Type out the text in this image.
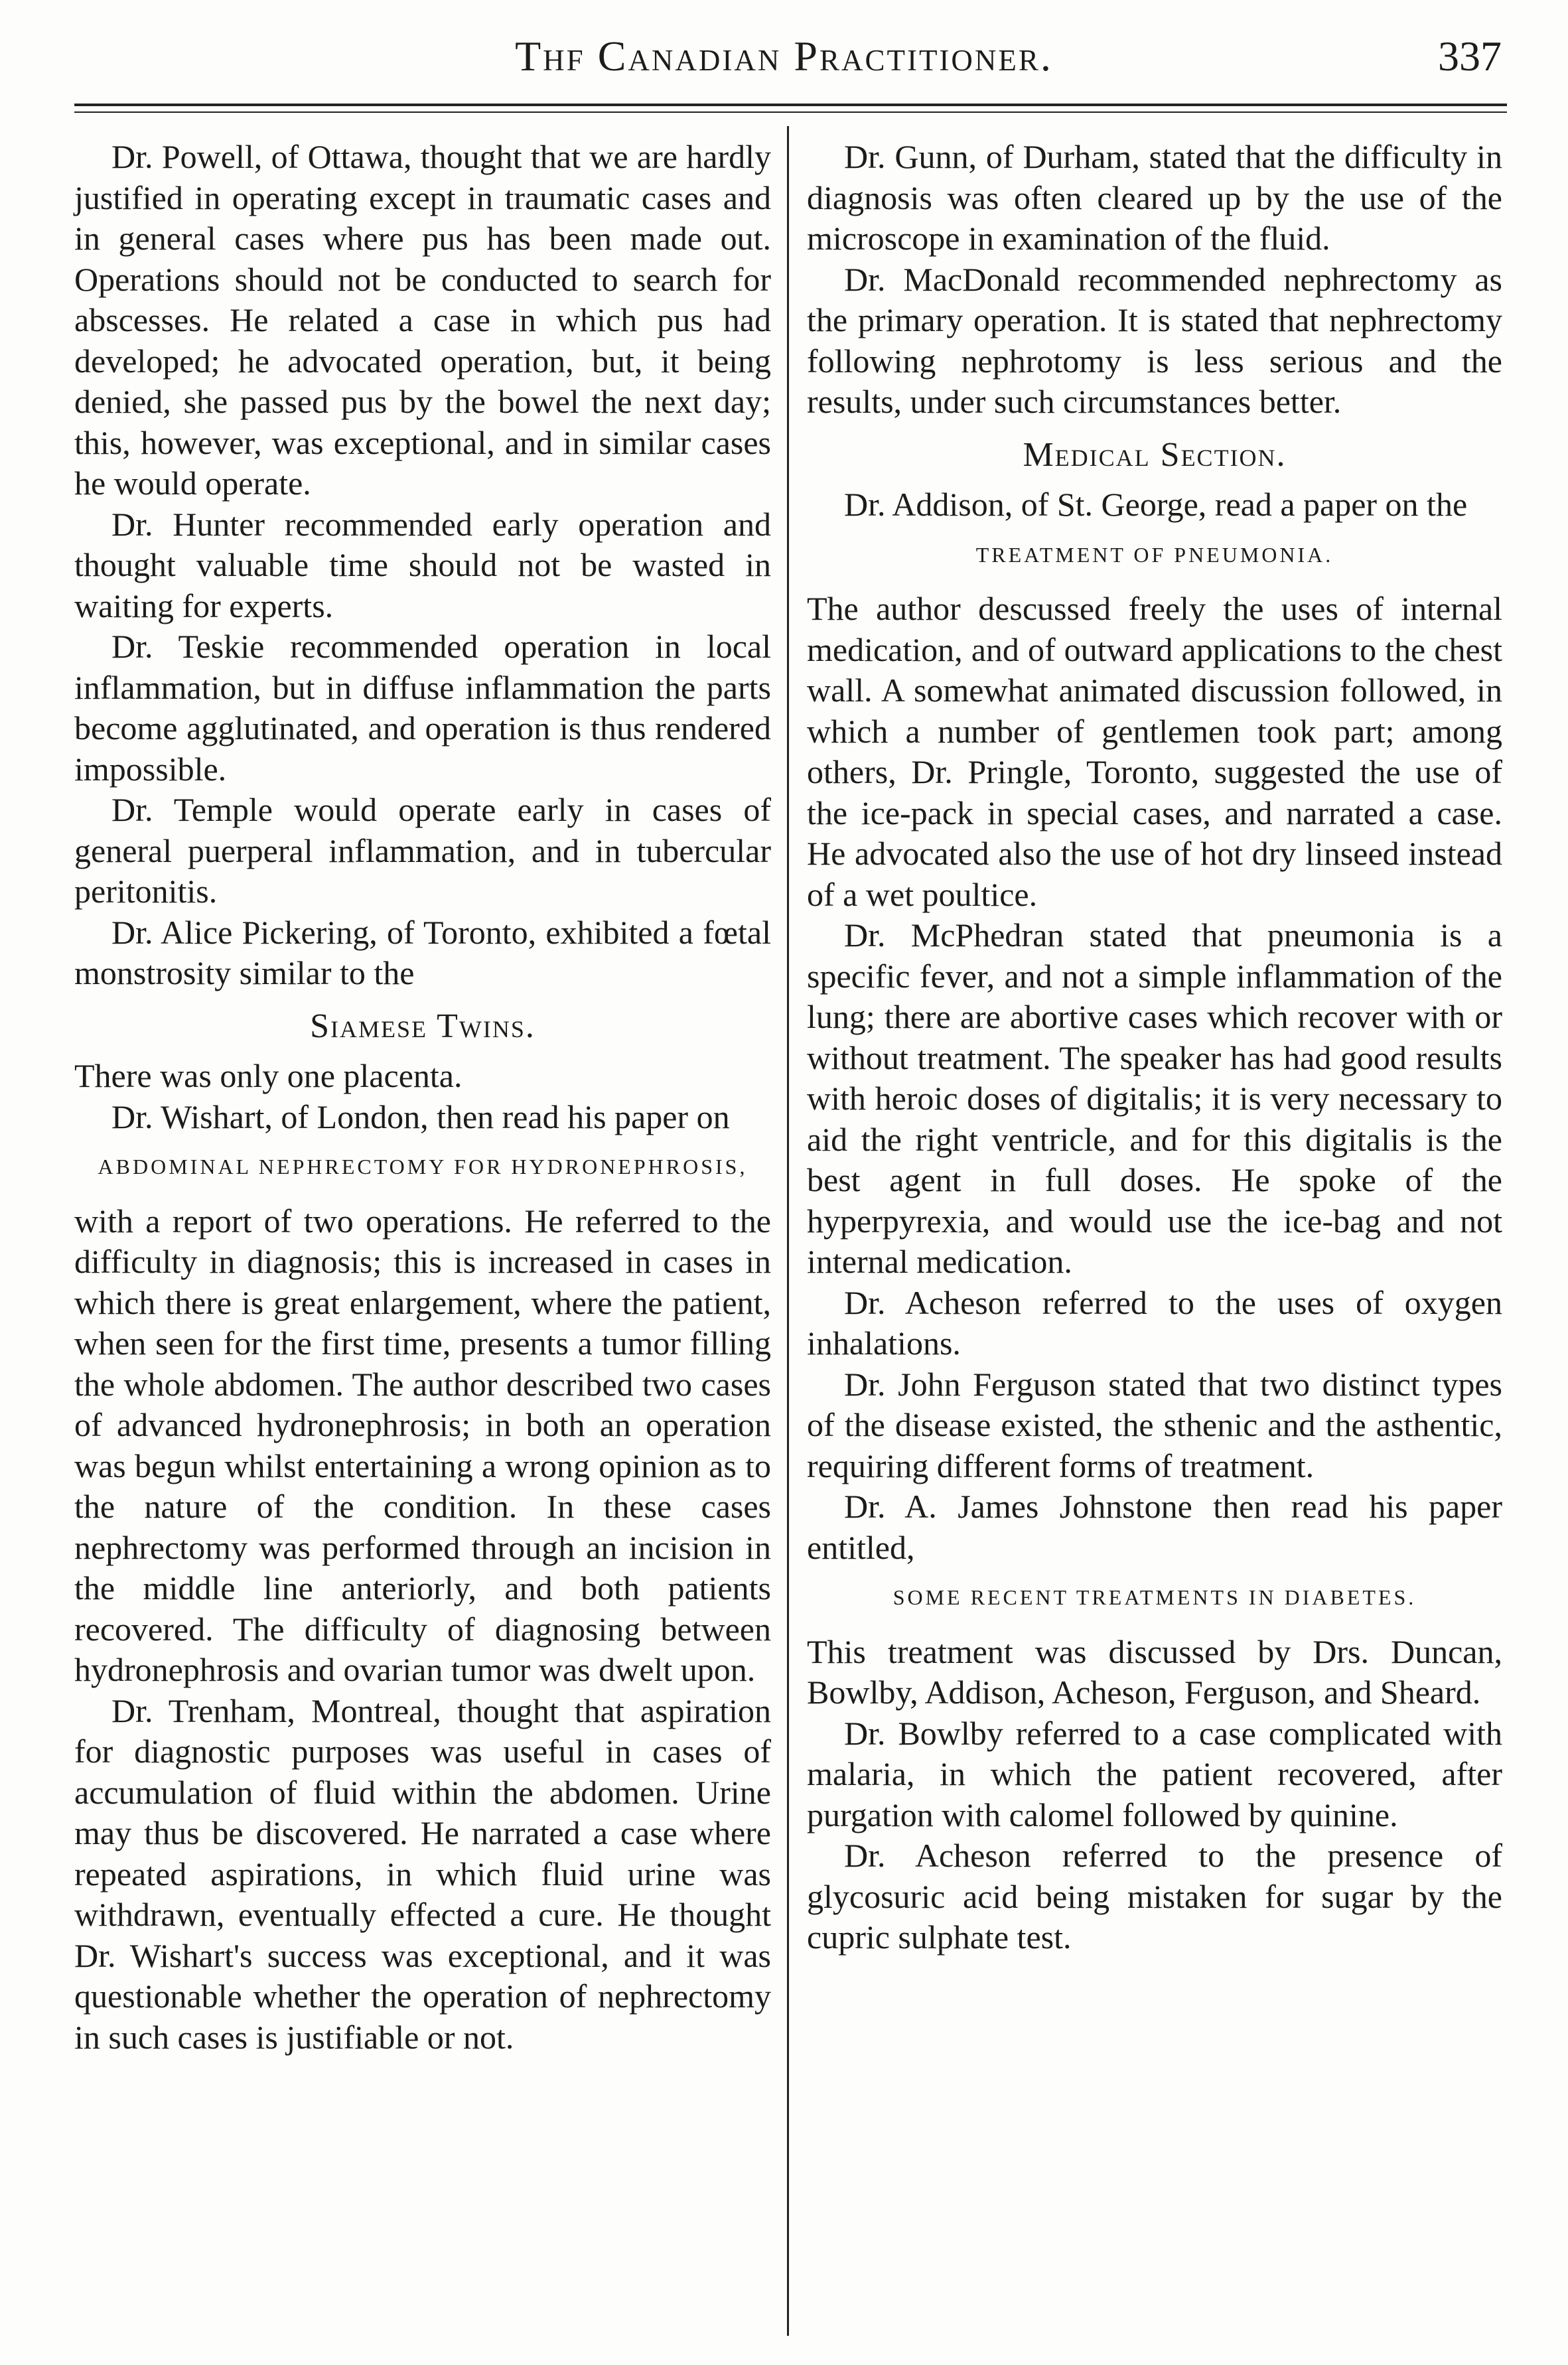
Thf Canadian Practitioner.	337

Dr. Powell, of Ottawa, thought that we are hardly justified in operating except in traumatic cases and in general cases where pus has been made out. Operations should not be conducted to search for abscesses. He related a case in which pus had developed; he advocated operation, but, it being denied, she passed pus by the bowel the next day; this, however, was exceptional, and in similar cases he would operate.

Dr. Hunter recommended early operation and thought valuable time should not be wasted in waiting for experts.

Dr. Teskie recommended operation in local inflammation, but in diffuse inflammation the parts become agglutinated, and operation is thus rendered impossible.

Dr. Temple would operate early in cases of general puerperal inflammation, and in tubercular peritonitis.

Dr. Alice Pickering, of Toronto, exhibited a fœtal monstrosity similar to the

Siamese Twins.

There was only one placenta.

Dr. Wishart, of London, then read his paper on

ABDOMINAL NEPHRECTOMY FOR HYDRONEPHROSIS,

with a report of two operations. He referred to the difficulty in diagnosis; this is increased in cases in which there is great enlargement, where the patient, when seen for the first time, presents a tumor filling the whole abdomen. The author described two cases of advanced hydronephrosis; in both an operation was begun whilst entertaining a wrong opinion as to the nature of the condition. In these cases nephrectomy was performed through an incision in the middle line anteriorly, and both patients recovered. The difficulty of diagnosing between hydronephrosis and ovarian tumor was dwelt upon.

Dr. Trenham, Montreal, thought that aspiration for diagnostic purposes was useful in cases of accumulation of fluid within the abdomen. Urine may thus be discovered. He narrated a case where repeated aspirations, in which fluid urine was withdrawn, eventually effected a cure. He thought Dr. Wishart's success was exceptional, and it was questionable whether the operation of nephrectomy in such cases is justifiable or not.

Dr. Gunn, of Durham, stated that the difficulty in diagnosis was often cleared up by the use of the microscope in examination of the fluid.

Dr. MacDonald recommended nephrectomy as the primary operation. It is stated that nephrectomy following nephrotomy is less serious and the results, under such circumstances better.

Medical Section.

Dr. Addison, of St. George, read a paper on the

TREATMENT OF PNEUMONIA.

The author descussed freely the uses of internal medication, and of outward applications to the chest wall. A somewhat animated discussion followed, in which a number of gentlemen took part; among others, Dr. Pringle, Toronto, suggested the use of the ice-pack in special cases, and narrated a case. He advocated also the use of hot dry linseed instead of a wet poultice.

Dr. McPhedran stated that pneumonia is a specific fever, and not a simple inflammation of the lung; there are abortive cases which recover with or without treatment. The speaker has had good results with heroic doses of digitalis; it is very necessary to aid the right ventricle, and for this digitalis is the best agent in full doses. He spoke of the hyperpyrexia, and would use the ice-bag and not internal medication.

Dr. Acheson referred to the uses of oxygen inhalations.

Dr. John Ferguson stated that two distinct types of the disease existed, the sthenic and the asthentic, requiring different forms of treatment.

Dr. A. James Johnstone then read his paper entitled,

SOME RECENT TREATMENTS IN DIABETES.

This treatment was discussed by Drs. Duncan, Bowlby, Addison, Acheson, Ferguson, and Sheard.

Dr. Bowlby referred to a case complicated with malaria, in which the patient recovered, after purgation with calomel followed by quinine.

Dr. Acheson referred to the presence of glycosuric acid being mistaken for sugar by the cupric sulphate test.
